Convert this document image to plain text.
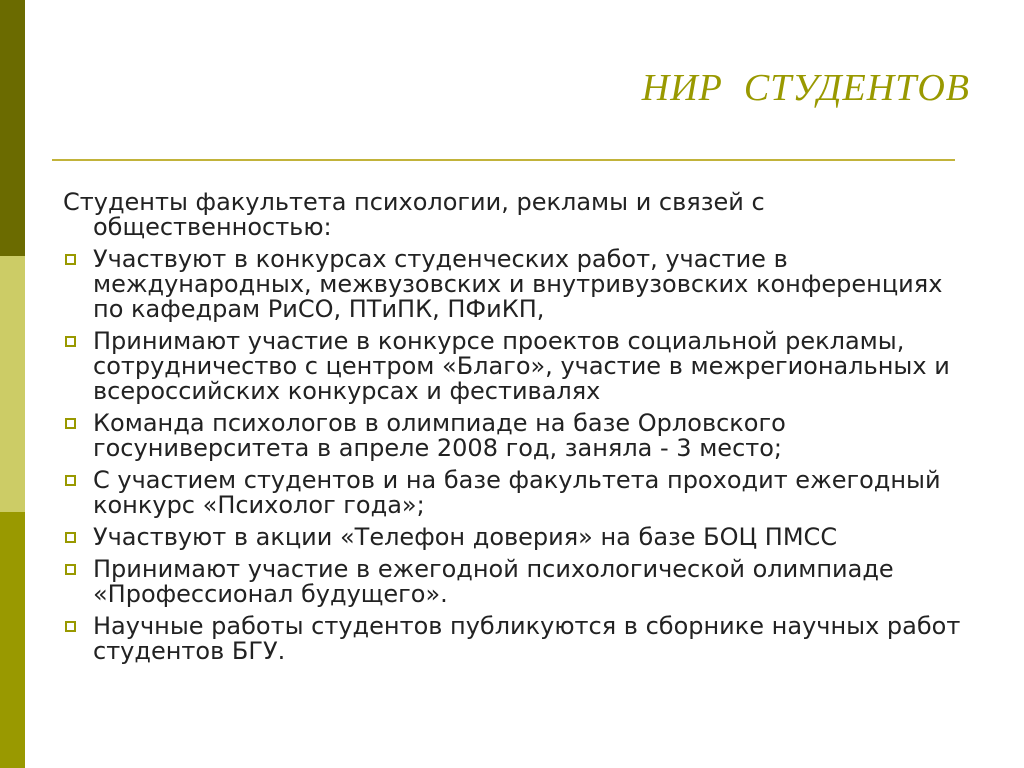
НИР  СТУДЕНТОВ
Студенты факультета психологии, рекламы и связей с общественностью:
Участвуют в конкурсах студенческих работ, участие в международных, межвузовских и внутривузовских конференциях по кафедрам РиСО, ПТиПК, ПФиКП,
Принимают участие в конкурсе проектов социальной рекламы, сотрудничество с центром «Благо», участие в межрегиональных и всероссийских конкурсах и фестивалях
Команда психологов в олимпиаде на базе Орловского госуниверситета в апреле 2008 год, заняла - 3 место;
С участием студентов и на базе факультета проходит ежегодный конкурс «Психолог года»;
Участвуют в акции «Телефон доверия» на базе БОЦ ПМСС
Принимают участие в ежегодной психологической олимпиаде «Профессионал будущего».
Научные работы студентов публикуются в сборнике научных работ студентов БГУ.
